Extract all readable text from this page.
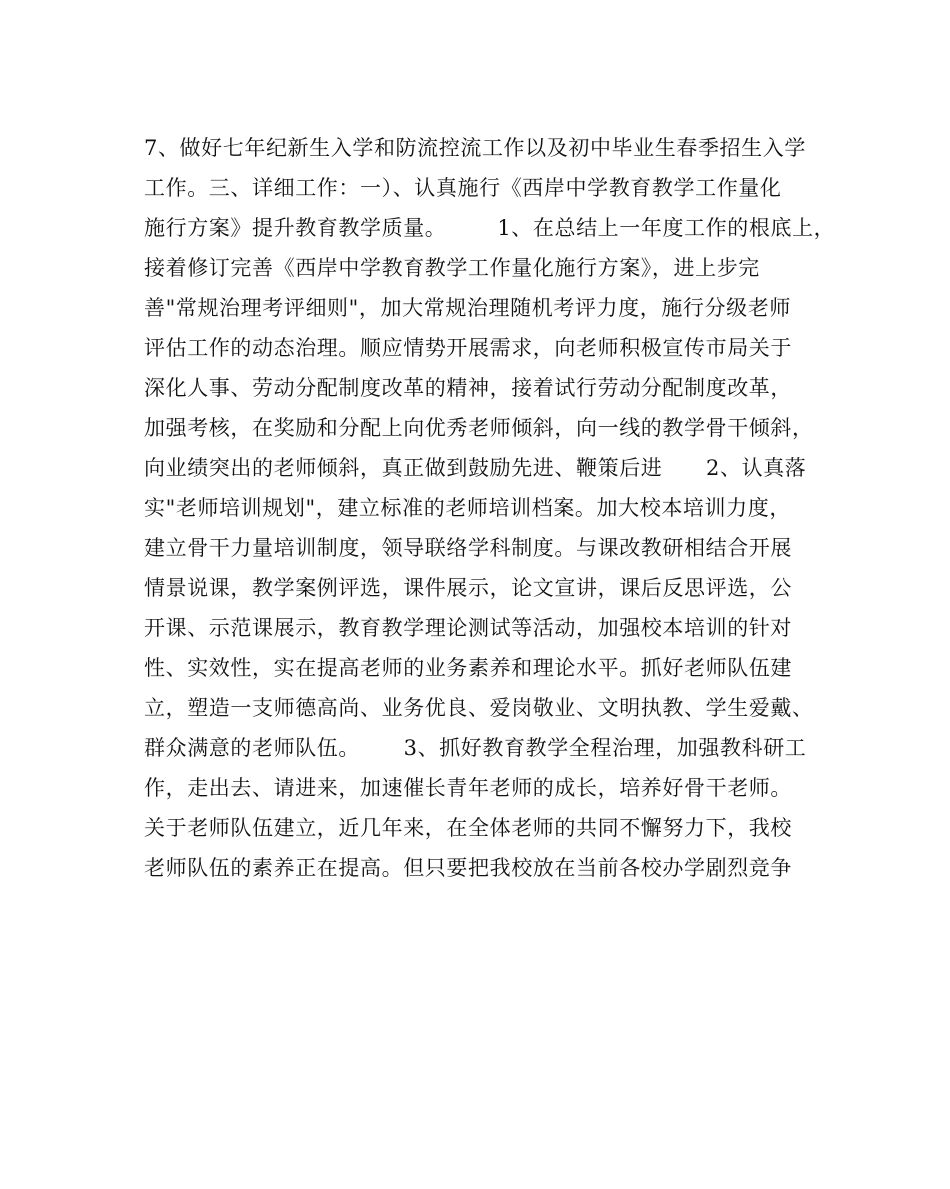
7、做好七年纪新生入学和防流控流工作以及初中毕业生春季招生入学
工作。三、详细工作：一）、认真施行《西岸中学教育教学工作量化
施行方案》提升教育教学质量。       1、在总结上一年度工作的根底上，
接着修订完善《西岸中学教育教学工作量化施行方案》，进上步完
善"常规治理考评细则"，加大常规治理随机考评力度，施行分级老师
评估工作的动态治理。顺应情势开展需求，向老师积极宣传市局关于
深化人事、劳动分配制度改革的精神，接着试行劳动分配制度改革，
加强考核，在奖励和分配上向优秀老师倾斜，向一线的教学骨干倾斜，
向业绩突出的老师倾斜，真正做到鼓励先进、鞭策后进      2、认真落
实"老师培训规划"，建立标准的老师培训档案。加大校本培训力度，
建立骨干力量培训制度，领导联络学科制度。与课改教研相结合开展
情景说课，教学案例评选，课件展示，论文宣讲，课后反思评选，公
开课、示范课展示，教育教学理论测试等活动，加强校本培训的针对
性、实效性，实在提高老师的业务素养和理论水平。抓好老师队伍建
立，塑造一支师德高尚、业务优良、爱岗敬业、文明执教、学生爱戴、
群众满意的老师队伍。      3、抓好教育教学全程治理，加强教科研工
作，走出去、请进来，加速催长青年老师的成长，培养好骨干老师。
关于老师队伍建立，近几年来，在全体老师的共同不懈努力下，我校
老师队伍的素养正在提高。但只要把我校放在当前各校办学剧烈竞争
